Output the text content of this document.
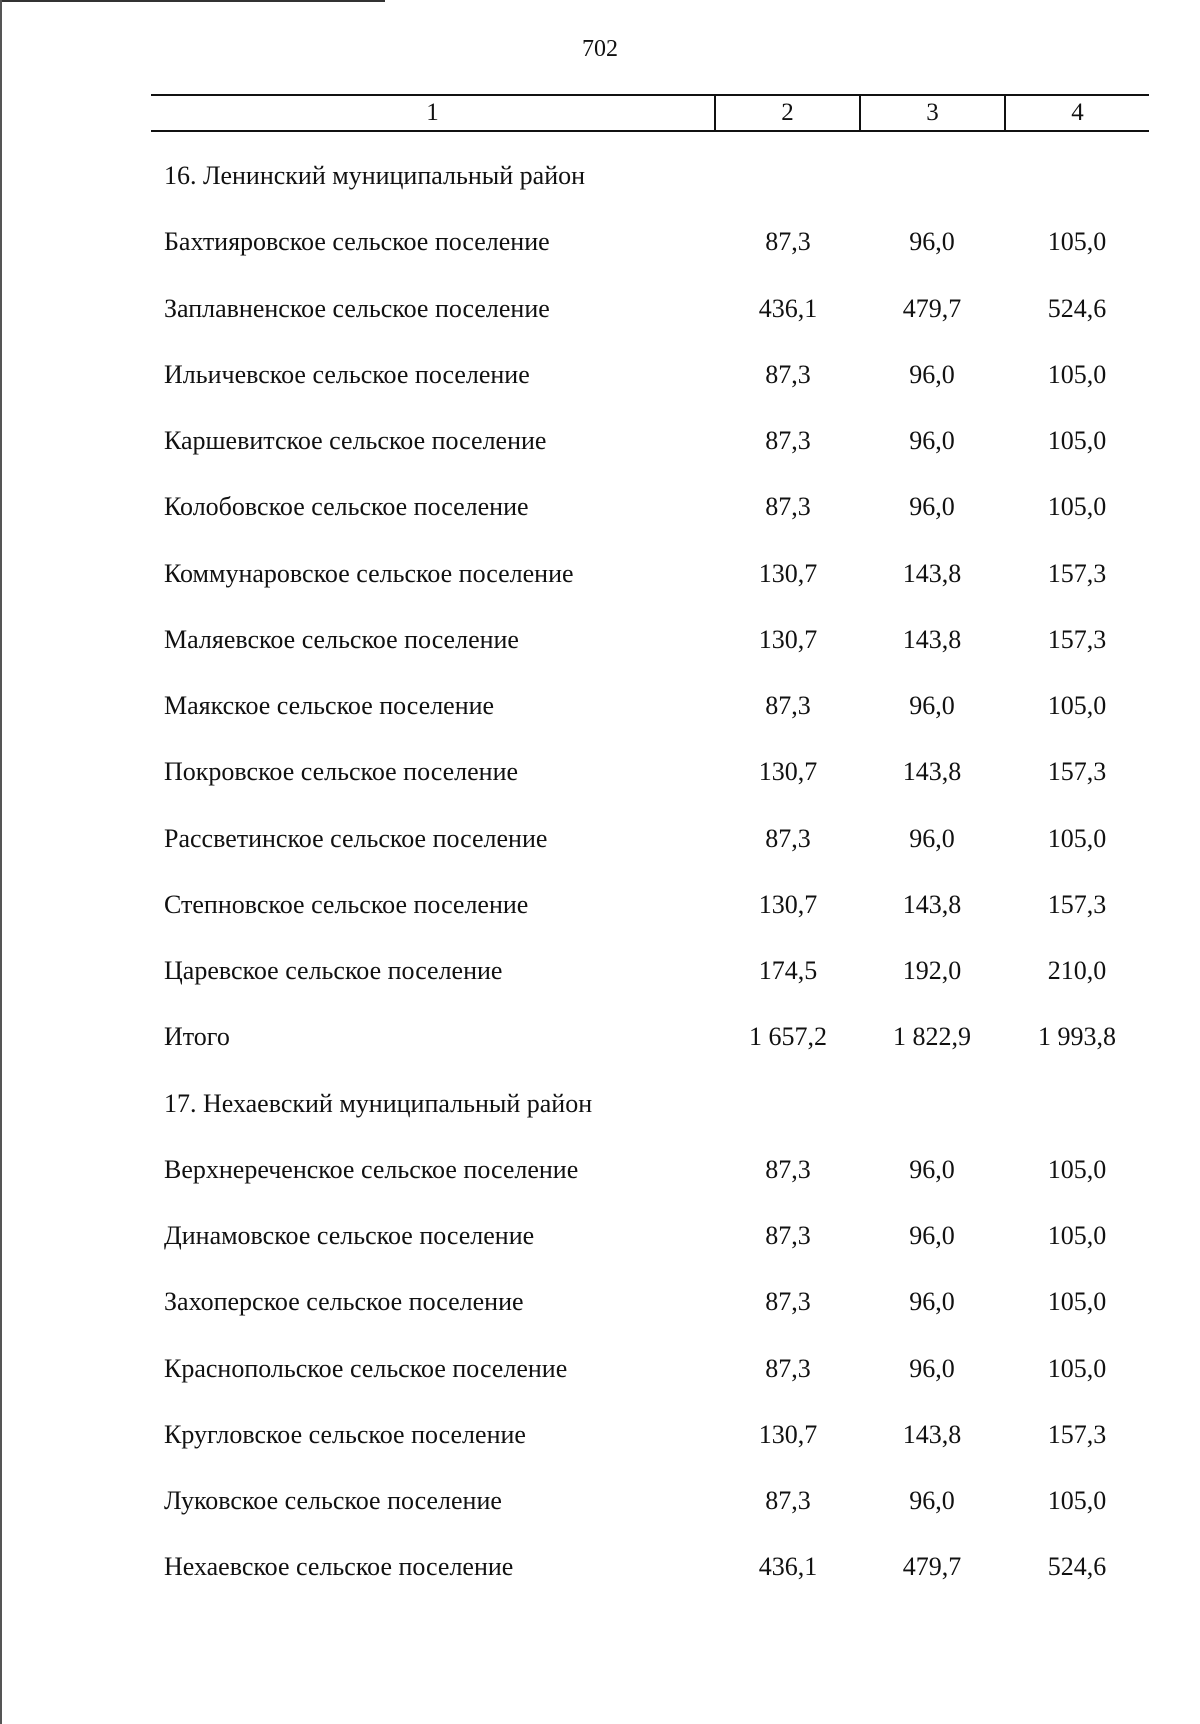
702
1	2	3	4
16. Ленинский муниципальный район
Бахтияровское сельское поселение	87,3	96,0	105,0
Заплавненское сельское поселение	436,1	479,7	524,6
Ильичевское сельское поселение	87,3	96,0	105,0
Каршевитское сельское поселение	87,3	96,0	105,0
Колобовское сельское поселение	87,3	96,0	105,0
Коммунаровское сельское поселение	130,7	143,8	157,3
Маляевское сельское поселение	130,7	143,8	157,3
Маякское сельское поселение	87,3	96,0	105,0
Покровское сельское поселение	130,7	143,8	157,3
Рассветинское сельское поселение	87,3	96,0	105,0
Степновское сельское поселение	130,7	143,8	157,3
Царевское сельское поселение	174,5	192,0	210,0
Итого	1 657,2	1 822,9	1 993,8
17. Нехаевский муниципальный район
Верхнереченское сельское поселение	87,3	96,0	105,0
Динамовское сельское поселение	87,3	96,0	105,0
Захоперское сельское поселение	87,3	96,0	105,0
Краснопольское сельское поселение	87,3	96,0	105,0
Кругловское сельское поселение	130,7	143,8	157,3
Луковское сельское поселение	87,3	96,0	105,0
Нехаевское сельское поселение	436,1	479,7	524,6
